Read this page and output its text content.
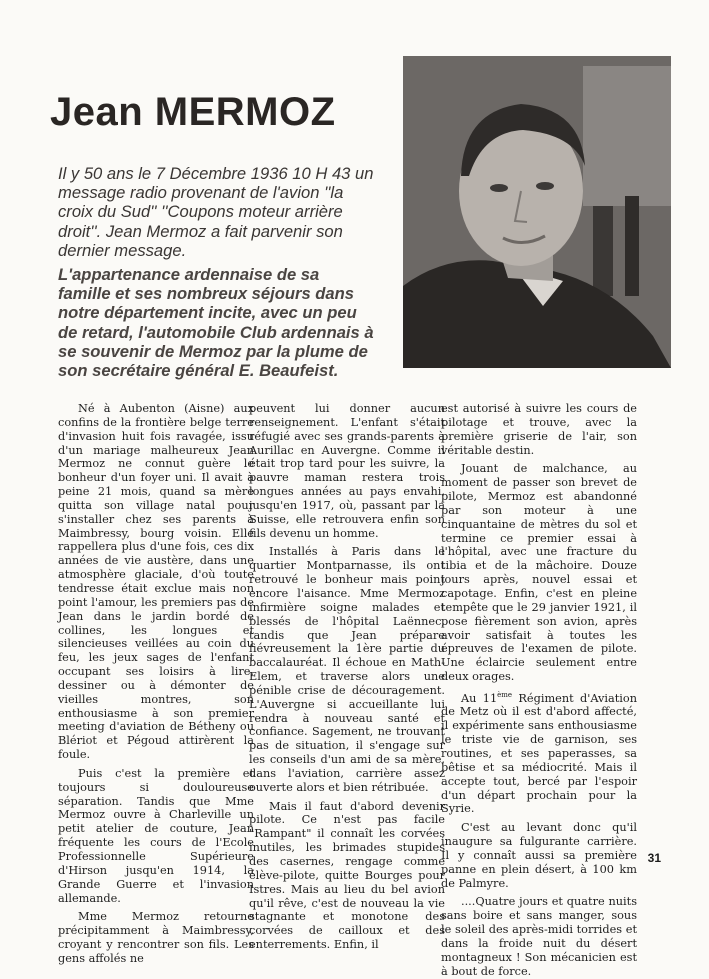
Jean MERMOZ

Il y 50 ans le 7 Décembre 1936 10 H 43 un message radio provenant de l'avion ''la croix du Sud'' ''Coupons moteur arrière droit''. Jean Mermoz a fait parvenir son dernier message.

L'appartenance ardennaise de sa famille et ses nombreux séjours dans notre département incite, avec un peu de retard, l'automobile Club ardennais à se souvenir de Mermoz par la plume de son secrétaire général E. Beaufeist.

Né à Aubenton (Aisne) aux confins de la frontière belge terre d'invasion huit fois ravagée, issu d'un mariage malheureux Jean Mermoz ne connut guère le bonheur d'un foyer uni. Il avait à peine 21 mois, quand sa mère quitta son village natal pour s'installer chez ses parents à Maimbressy, bourg voisin. Elle rappellera plus d'une fois, ces dix années de vie austère, dans une atmosphère glaciale, d'où toute tendresse était exclue mais non point l'amour, les premiers pas de Jean dans le jardin bordé de collines, les longues et silencieuses veillées au coin du feu, les jeux sages de l'enfant occupant ses loisirs à lire, dessiner ou à démonter de vieilles montres, son enthousiasme à son premier meeting d'aviation de Bétheny ou Blériot et Pégoud attirèrent la foule.

Puis c'est la première et toujours si douloureuse séparation. Tandis que Mme Mermoz ouvre à Charleville un petit atelier de couture, Jean fréquente les cours de l'Ecole Professionnelle Supérieure d'Hirson jusqu'en 1914, la Grande Guerre et l'invasion allemande.

Mme Mermoz retourne précipitamment à Maimbressy, croyant y rencontrer son fils. Les gens affolés ne

peuvent lui donner aucun renseignement. L'enfant s'était réfugié avec ses grands-parents à Aurillac en Auvergne. Comme il était trop tard pour les suivre, la pauvre maman restera trois longues années au pays envahi, jusqu'en 1917, où, passant par la Suisse, elle retrouvera enfin son fils devenu un homme.

Installés à Paris dans le quartier Montparnasse, ils ont retrouvé le bonheur mais point encore l'aisance. Mme Mermoz infirmière soigne malades et blessés de l'hôpital Laënnec, tandis que Jean prépare fiévreusement la 1ère partie du baccalauréat. Il échoue en Math-Elem, et traverse alors une pénible crise de découragement. L'Auvergne si accueillante lui rendra à nouveau santé et confiance. Sagement, ne trouvant pas de situation, il s'engage sur les conseils d'un ami de sa mère, dans l'aviation, carrière assez ouverte alors et bien rétribuée.

Mais il faut d'abord devenir pilote. Ce n'est pas facile "Rampant" il connaît les corvées inutiles, les brimades stupides des casernes, rengage comme élève-pilote, quitte Bourges pour Istres. Mais au lieu du bel avion qu'il rêve, c'est de nouveau la vie stagnante et monotone des corvées de cailloux et des enterrements. Enfin, il

est autorisé à suivre les cours de pilotage et trouve, avec la première griserie de l'air, son véritable destin.

Jouant de malchance, au moment de passer son brevet de pilote, Mermoz est abandonné par son moteur à une cinquantaine de mètres du sol et termine ce premier essai à l'hôpital, avec une fracture du tibia et de la mâchoire. Douze jours après, nouvel essai et capotage. Enfin, c'est en pleine tempête que le 29 janvier 1921, il pose fièrement son avion, après avoir satisfait à toutes les épreuves de l'examen de pilote. Une éclaircie seulement entre deux orages.

Au 11ème Régiment d'Aviation de Metz où il est d'abord affecté, il expérimente sans enthousiasme le triste vie de garnison, ses routines, et ses paperasses, sa bêtise et sa médiocrité. Mais il accepte tout, bercé par l'espoir d'un départ prochain pour la Syrie.

C'est au levant donc qu'il inaugure sa fulgurante carrière. Il y connaît aussi sa première panne en plein désert, à 100 km de Palmyre.

....Quatre jours et quatre nuits sans boire et sans manger, sous le soleil des après-midi torrides et dans la froide nuit du désert montagneux ! Son mécanicien est à bout de force.

31
